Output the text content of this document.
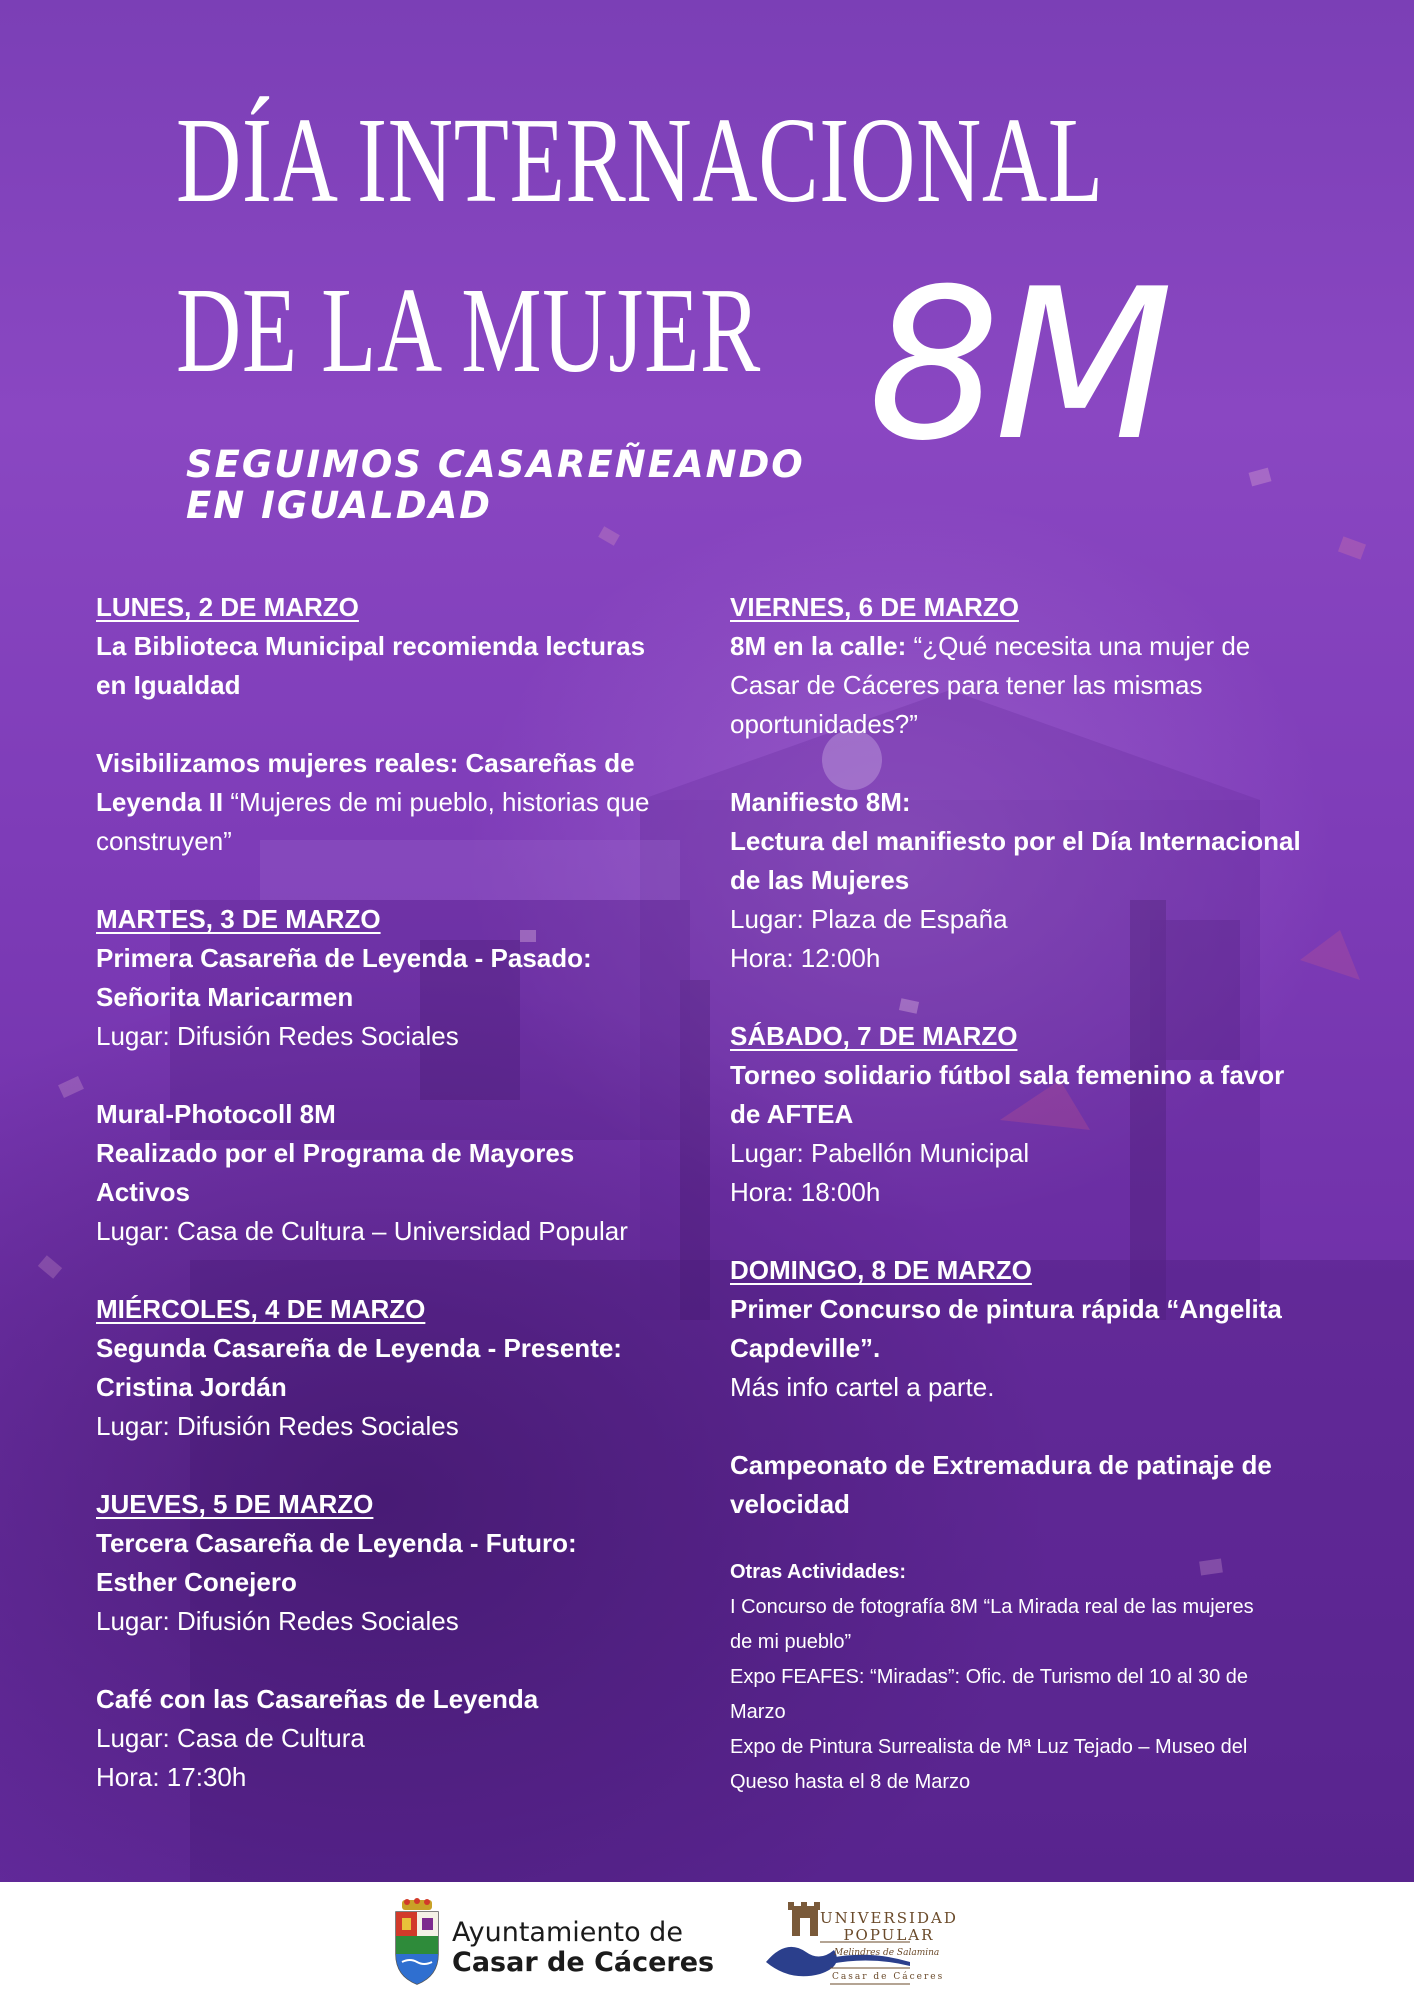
DÍA INTERNACIONAL
DE LA MUJER 8M

SEGUIMOS CASAREÑEANDO
EN IGUALDAD

LUNES, 2 DE MARZO

La Biblioteca Municipal recomienda lecturas

en Igualdad

Visibilizamos mujeres reales: Casareñas de

Leyenda II “Mujeres de mi pueblo, historias que

construyen”

MARTES, 3 DE MARZO

Primera Casareña de Leyenda - Pasado:

Señorita Maricarmen

Lugar: Difusión Redes Sociales

Mural-Photocoll 8M

Realizado por el Programa de Mayores

Activos

Lugar: Casa de Cultura – Universidad Popular

MIÉRCOLES, 4 DE MARZO

Segunda Casareña de Leyenda - Presente:

Cristina Jordán

Lugar: Difusión Redes Sociales

JUEVES, 5 DE MARZO

Tercera Casareña de Leyenda - Futuro:

Esther Conejero

Lugar: Difusión Redes Sociales

Café con las Casareñas de Leyenda

Lugar: Casa de Cultura

Hora: 17:30h

VIERNES, 6 DE MARZO

8M en la calle: “¿Qué necesita una mujer de

Casar de Cáceres para tener las mismas

oportunidades?”

Manifiesto 8M:

Lectura del manifiesto por el Día Internacional

de las Mujeres

Lugar: Plaza de España

Hora: 12:00h

SÁBADO, 7 DE MARZO

Torneo solidario fútbol sala femenino a favor

de AFTEA

Lugar: Pabellón Municipal

Hora: 18:00h

DOMINGO, 8 DE MARZO

Primer Concurso de pintura rápida “Angelita

Capdeville”.

Más info cartel a parte.

Campeonato de Extremadura de patinaje de

velocidad

Otras Actividades:

I Concurso de fotografía 8M “La Mirada real de las mujeres

de mi pueblo”

Expo FEAFES: “Miradas”: Ofic. de Turismo del 10 al 30 de

Marzo

Expo de Pintura Surrealista de Mª Luz Tejado – Museo del

Queso hasta el 8 de Marzo

Ayuntamiento de
Casar de Cáceres
UNIVERSIDAD
POPULAR
Melindres de Salamina
Casar de Cáceres
